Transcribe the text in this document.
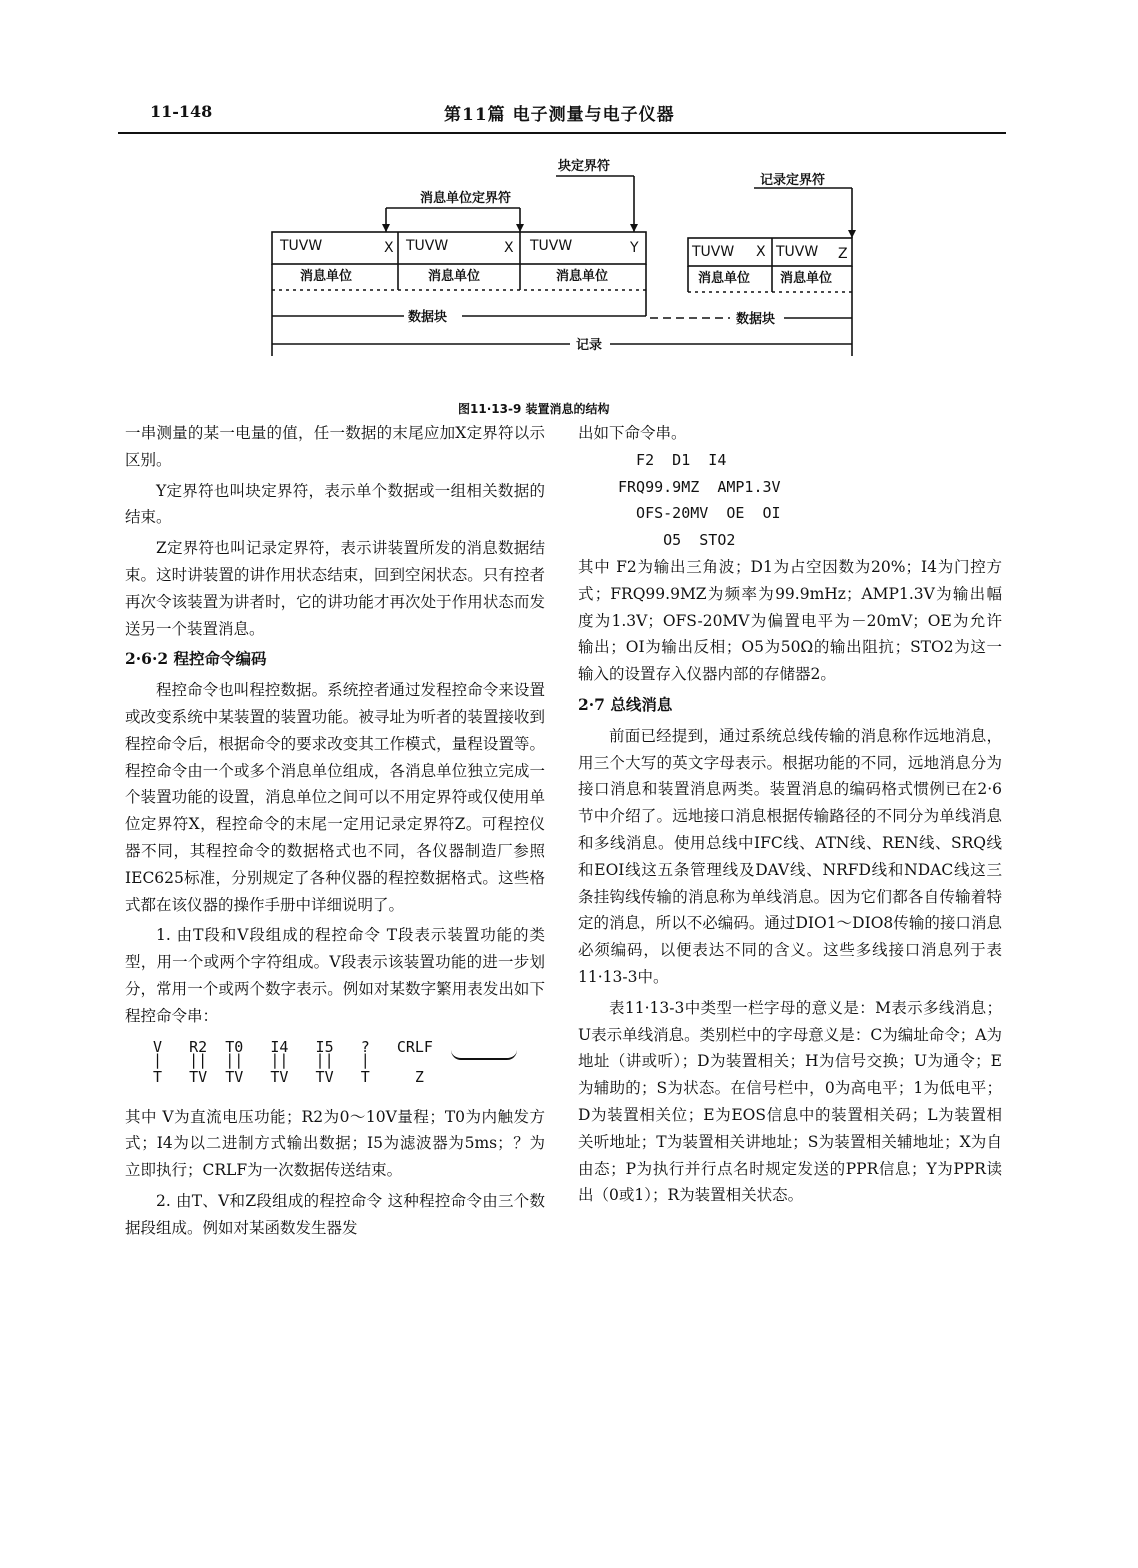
11-148	第11篇 电子测量与电子仪器
块定界符
消息单位定界符
记录定界符
TUVW	X
消息单位
TUVW	X
消息单位
TUVW	Y
消息单位
TUVW X
消息单位
TUVW Z
消息单位
数据块	数据块
记录
图11·13-9 装置消息的结构

一串测量的某一电量的值，任一数据的末尾应加X定界符以示区别。

Y定界符也叫块定界符，表示单个数据或一组相关数据的结束。

Z定界符也叫记录定界符，表示讲装置所发的消息数据结束。这时讲装置的讲作用状态结束，回到空闲状态。只有控者再次令该装置为讲者时，它的讲功能才再次处于作用状态而发送另一个装置消息。

2·6·2 程控命令编码

程控命令也叫程控数据。系统控者通过发程控命令来设置或改变系统中某装置的装置功能。被寻址为听者的装置接收到程控命令后，根据命令的要求改变其工作模式，量程设置等。程控命令由一个或多个消息单位组成，各消息单位独立完成一个装置功能的设置，消息单位之间可以不用定界符或仅使用单位定界符X，程控命令的末尾一定用记录定界符Z。可程控仪器不同，其程控命令的数据格式也不同，各仪器制造厂参照IEC625标准，分别规定了各种仪器的程控数据格式。这些格式都在该仪器的操作手册中详细说明了。

1. 由T段和V段组成的程控命令 T段表示装置功能的类型，用一个或两个字符组成。V段表示该装置功能的进一步划分，常用一个或两个数字表示。例如对某数字繁用表发出如下程控命令串：

V   R2  T0   I4   I5   ?   CRLF
|   ||  ||   ||   ||   |
T   TV  TV   TV   TV   T     Z

其中 V为直流电压功能；R2为0～10V量程；T0为内触发方式；I4为以二进制方式输出数据；I5为滤波器为5ms；？为立即执行；CRLF为一次数据传送结束。

2. 由T、V和Z段组成的程控命令 这种程控命令由三个数据段组成。例如对某函数发生器发

出如下命令串。

F2  D1  I4
FRQ99.9MZ  AMP1.3V
OFS-20MV  OE  OI
O5  STO2

其中 F2为输出三角波；D1为占空因数为20%；I4为门控方式；FRQ99.9MZ为频率为99.9mHz；AMP1.3V为输出幅度为1.3V；OFS-20MV为偏置电平为－20mV；OE为允许输出；OI为输出反相；O5为50Ω的输出阻抗；STO2为这一输入的设置存入仪器内部的存储器2。

2·7 总线消息

前面已经提到，通过系统总线传输的消息称作远地消息，用三个大写的英文字母表示。根据功能的不同，远地消息分为接口消息和装置消息两类。装置消息的编码格式惯例已在2·6节中介绍了。远地接口消息根据传输路径的不同分为单线消息和多线消息。使用总线中IFC线、ATN线、REN线、SRQ线和EOI线这五条管理线及DAV线、NRFD线和NDAC线这三条挂钩线传输的消息称为单线消息。因为它们都各自传输着特定的消息，所以不必编码。通过DIO1～DIO8传输的接口消息必须编码，以便表达不同的含义。这些多线接口消息列于表11·13-3中。

表11·13-3中类型一栏字母的意义是：M表示多线消息；U表示单线消息。类别栏中的字母意义是：C为编址命令；A为地址（讲或听）；D为装置相关；H为信号交换；U为通令；E为辅助的；S为状态。在信号栏中，0为高电平；1为低电平；D为装置相关位；E为EOS信息中的装置相关码；L为装置相关听地址；T为装置相关讲地址；S为装置相关辅地址；X为自由态；P为执行并行点名时规定发送的PPR信息；Y为PPR读出（0或1）；R为装置相关状态。
